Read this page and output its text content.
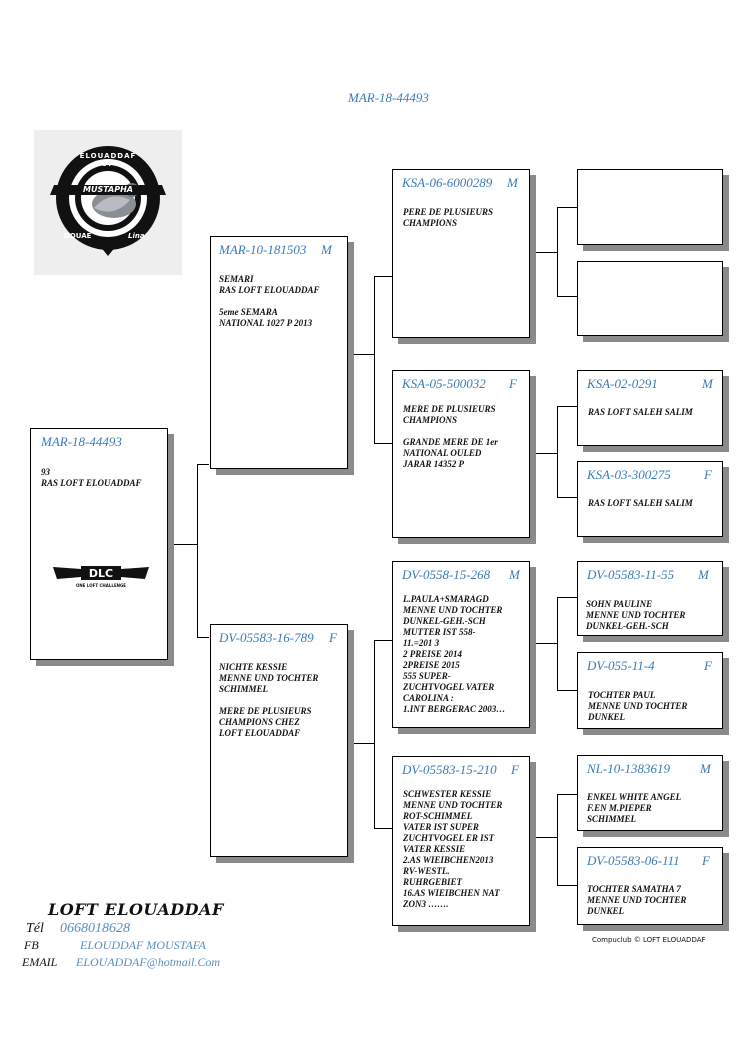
MAR-18-44493
ELOUADDAF LOFT
MUSTAPHA
DOUAE	Lina
MAR-18-44493
93
RAS LOFT ELOUADDAF
DLC
ONE LOFT CHALLENGE
MAR-10-181503 M
SEMARI
RAS LOFT ELOUADDAF

5eme SEMARA
NATIONAL 1027 P 2013
DV-05583-16-789 F
NICHTE KESSIE
MENNE UND TOCHTER
SCHIMMEL

MERE DE PLUSIEURS
CHAMPIONS CHEZ
LOFT ELOUADDAF
KSA-06-6000289 M
PERE DE PLUSIEURS
CHAMPIONS
KSA-05-500032 F
MERE DE PLUSIEURS
CHAMPIONS

GRANDE MERE DE 1er
NATIONAL OULED
JARAR 14352 P
DV-0558-15-268 M
L.PAULA+SMARAGD
MENNE UND TOCHTER
DUNKEL-GEH.-SCH
MUTTER IST 558-
11.=201 3
2 PREISE 2014
2PREISE 2015
555 SUPER-
ZUCHTVOGEL VATER
CAROLINA :
1.INT BERGERAC 2003…
DV-05583-15-210 F
SCHWESTER KESSIE
MENNE UND TOCHTER
ROT-SCHIMMEL
VATER IST SUPER
ZUCHTVOGEL ER IST
VATER KESSIE
2.AS WIEIBCHEN2013
RV-WESTL.
RUHRGEBIET
16.AS WIEIBCHEN NAT
ZON3 …….
KSA-02-0291	M
RAS LOFT SALEH SALIM
KSA-03-300275	F
RAS LOFT SALEH SALIM
DV-05583-11-55 M
SOHN PAULINE
MENNE UND TOCHTER
DUNKEL-GEH.-SCH
DV-055-11-4	F
TOCHTER PAUL
MENNE UND TOCHTER
DUNKEL
NL-10-1383619 M
ENKEL WHITE ANGEL
F.EN M.PIEPER
SCHIMMEL
DV-05583-06-111 F
TOCHTER SAMATHA 7
MENNE UND TOCHTER
DUNKEL
LOFT ELOUADDAF
Tél 0668018628
FB	ELOUDDAF MOUSTAFA
EMAIL ELOUADDAF@hotmail.Com
Compuclub © LOFT ELOUADDAF
